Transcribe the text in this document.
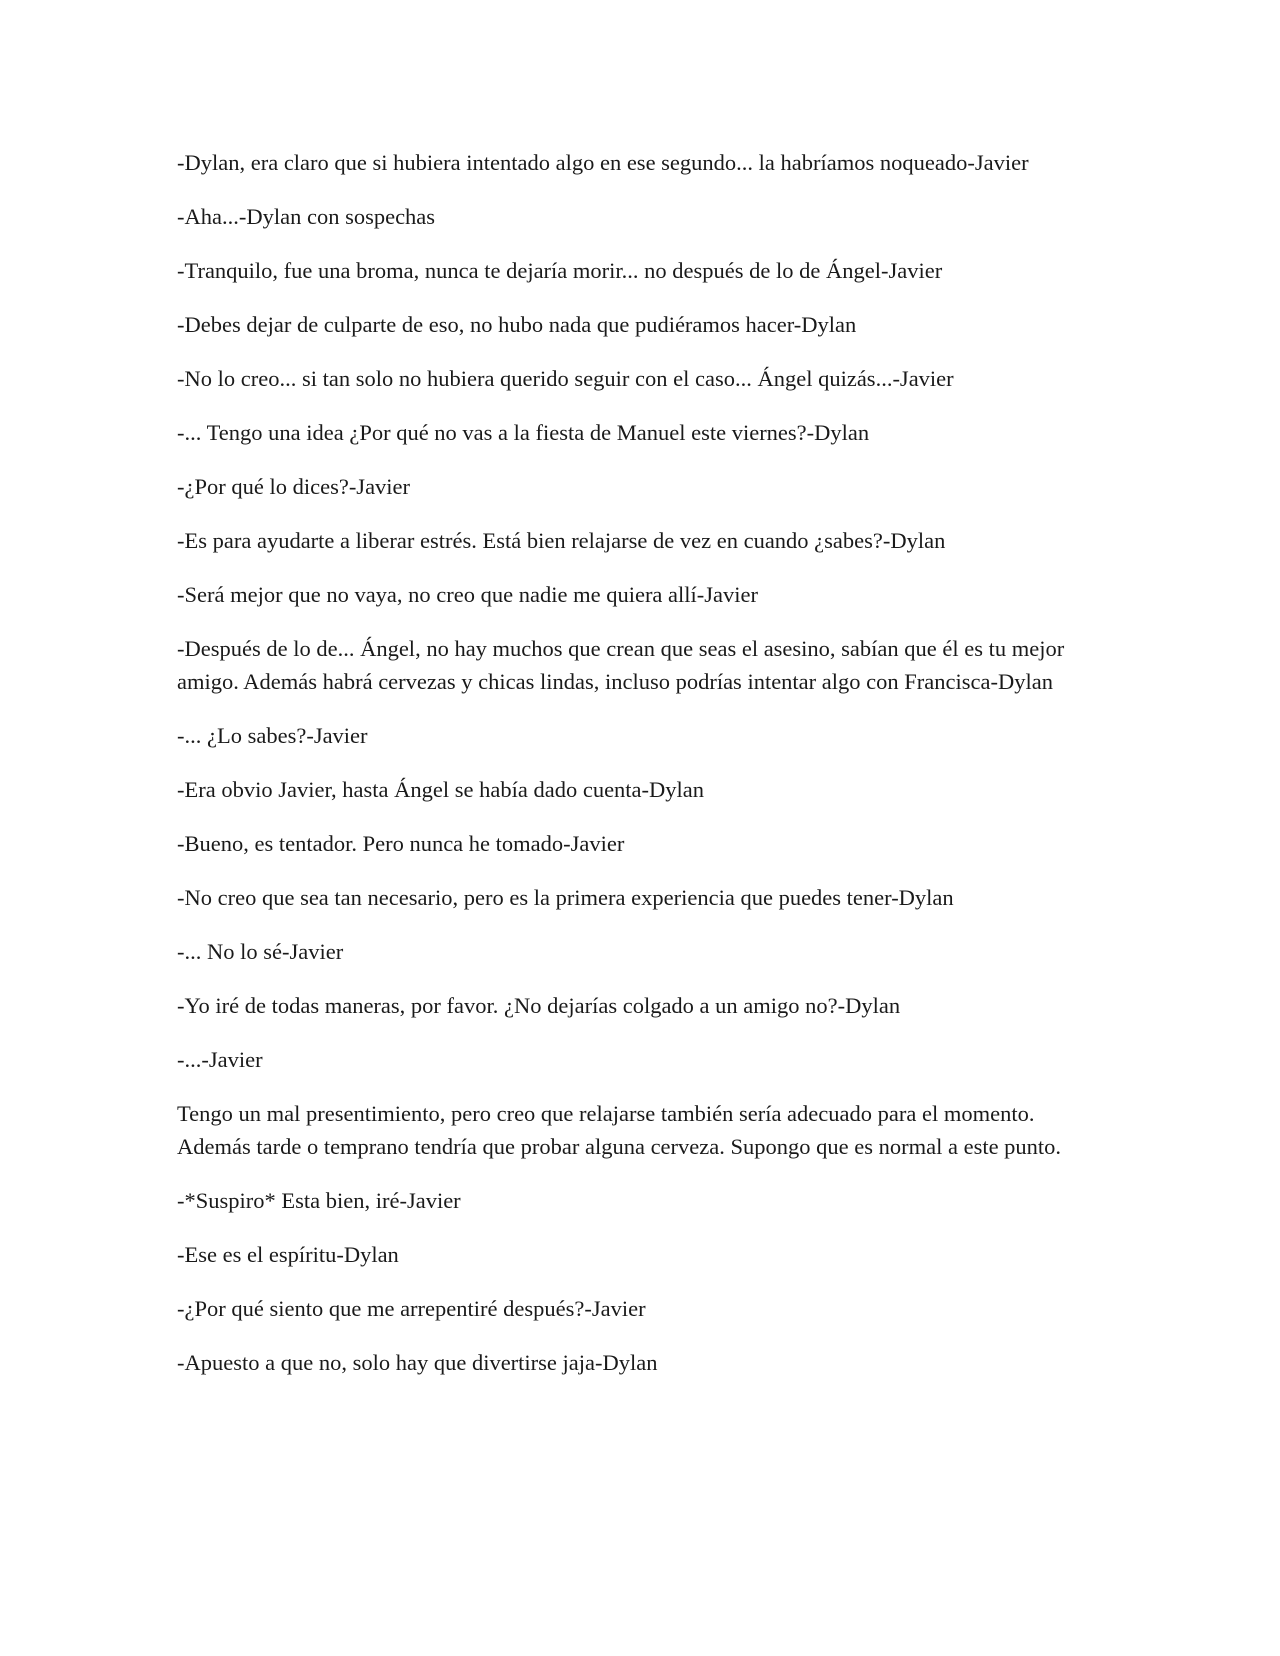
-Dylan, era claro que si hubiera intentado algo en ese segundo... la habríamos noqueado-Javier

-Aha...-Dylan con sospechas

-Tranquilo, fue una broma, nunca te dejaría morir... no después de lo de Ángel-Javier

-Debes dejar de culparte de eso, no hubo nada que pudiéramos hacer-Dylan

-No lo creo... si tan solo no hubiera querido seguir con el caso... Ángel quizás...-Javier

-... Tengo una idea ¿Por qué no vas a la fiesta de Manuel este viernes?-Dylan

-¿Por qué lo dices?-Javier

-Es para ayudarte a liberar estrés. Está bien relajarse de vez en cuando ¿sabes?-Dylan

-Será mejor que no vaya, no creo que nadie me quiera allí-Javier

-Después de lo de... Ángel, no hay muchos que crean que seas el asesino, sabían que él es tu mejor amigo. Además habrá cervezas y chicas lindas, incluso podrías intentar algo con Francisca-Dylan

-... ¿Lo sabes?-Javier

-Era obvio Javier, hasta Ángel se había dado cuenta-Dylan

-Bueno, es tentador. Pero nunca he tomado-Javier

-No creo que sea tan necesario, pero es la primera experiencia que puedes tener-Dylan

-... No lo sé-Javier

-Yo iré de todas maneras, por favor. ¿No dejarías colgado a un amigo no?-Dylan

-...-Javier

Tengo un mal presentimiento, pero creo que relajarse también sería adecuado para el momento. Además tarde o temprano tendría que probar alguna cerveza. Supongo que es normal a este punto.

-*Suspiro* Esta bien, iré-Javier

-Ese es el espíritu-Dylan

-¿Por qué siento que me arrepentiré después?-Javier

-Apuesto a que no, solo hay que divertirse jaja-Dylan
